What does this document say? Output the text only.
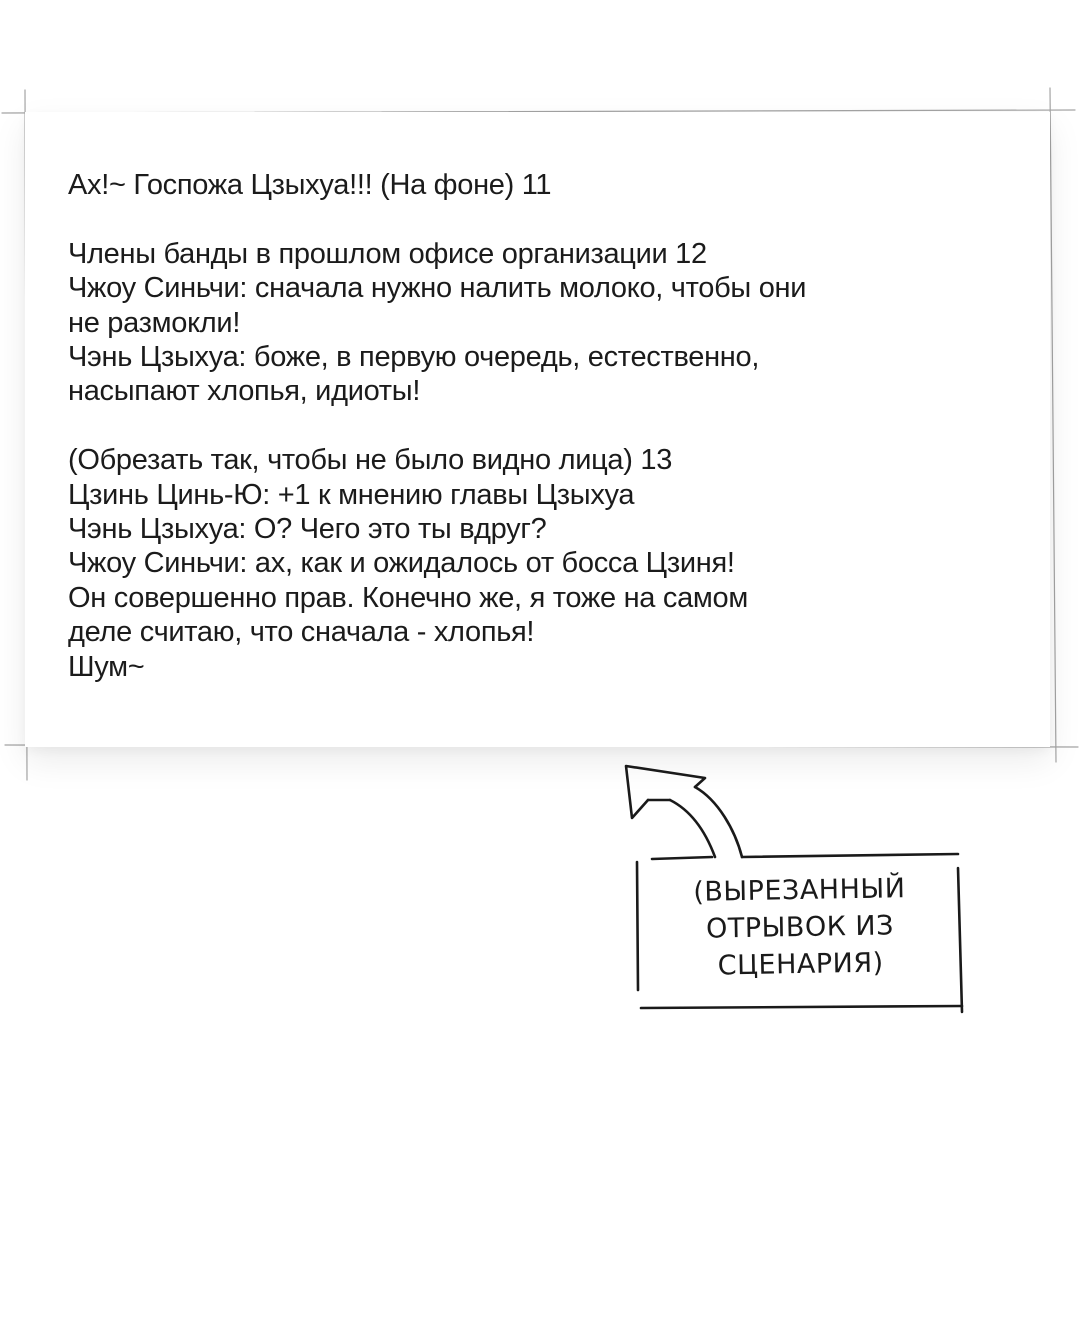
Ах!~ Госпожа Цзыхуа!!! (На фоне) 11
Члены банды в прошлом офисе организации 12
Чжоу Синьчи: сначала нужно налить молоко, чтобы они
не размокли!
Чэнь Цзыхуа: боже, в первую очередь, естественно,
насыпают хлопья, идиоты!
(Обрезать так, чтобы не было видно лица) 13
Цзинь Цинь-Ю: +1 к мнению главы Цзыхуа
Чэнь Цзыхуа: О? Чего это ты вдруг?
Чжоу Синьчи: ах, как и ожидалось от босса Цзиня!
Он совершенно прав. Конечно же, я тоже на самом
деле считаю, что сначала - хлопья!
Шум~
(ВЫРЕЗАННЫЙ
ОТРЫВОК ИЗ
СЦЕНАРИЯ)
